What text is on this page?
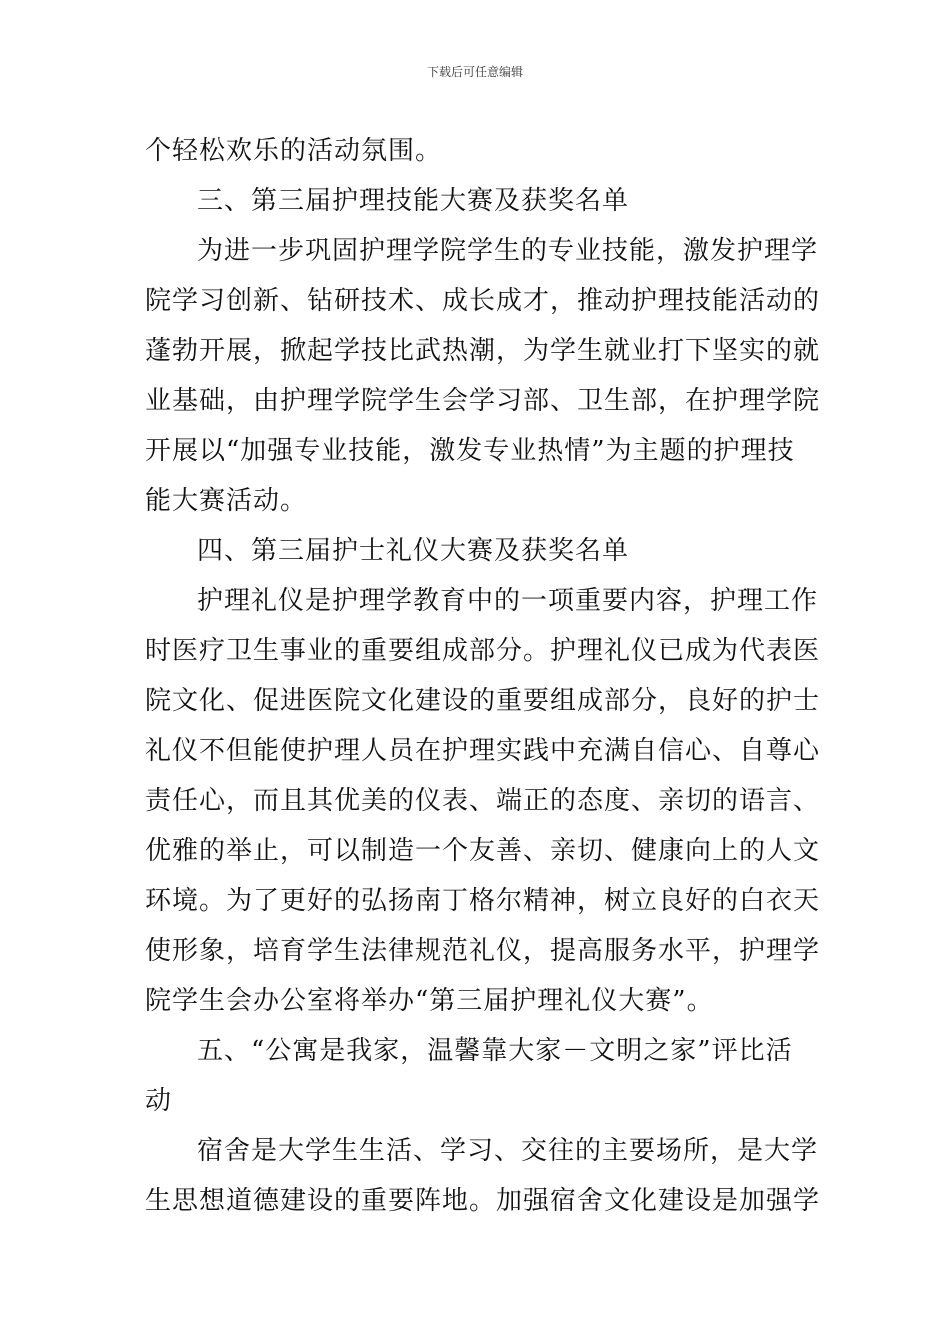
下载后可任意编辑
个轻松欢乐的活动氛围。
三、第三届护理技能大赛及获奖名单
为进一步巩固护理学院学生的专业技能，激发护理学
院学习创新、钻研技术、成长成才，推动护理技能活动的
蓬勃开展，掀起学技比武热潮，为学生就业打下坚实的就
业基础，由护理学院学生会学习部、卫生部，在护理学院
开展以“加强专业技能，激发专业热情”为主题的护理技
能大赛活动。
四、第三届护士礼仪大赛及获奖名单
护理礼仪是护理学教育中的一项重要内容，护理工作
时医疗卫生事业的重要组成部分。护理礼仪已成为代表医
院文化、促进医院文化建设的重要组成部分，良好的护士
礼仪不但能使护理人员在护理实践中充满自信心、自尊心
责任心，而且其优美的仪表、端正的态度、亲切的语言、
优雅的举止，可以制造一个友善、亲切、健康向上的人文
环境。为了更好的弘扬南丁格尔精神，树立良好的白衣天
使形象，培育学生法律规范礼仪，提高服务水平，护理学
院学生会办公室将举办“第三届护理礼仪大赛”。
五、“公寓是我家，温馨靠大家－文明之家”评比活
动
宿舍是大学生生活、学习、交往的主要场所，是大学
生思想道德建设的重要阵地。加强宿舍文化建设是加强学
